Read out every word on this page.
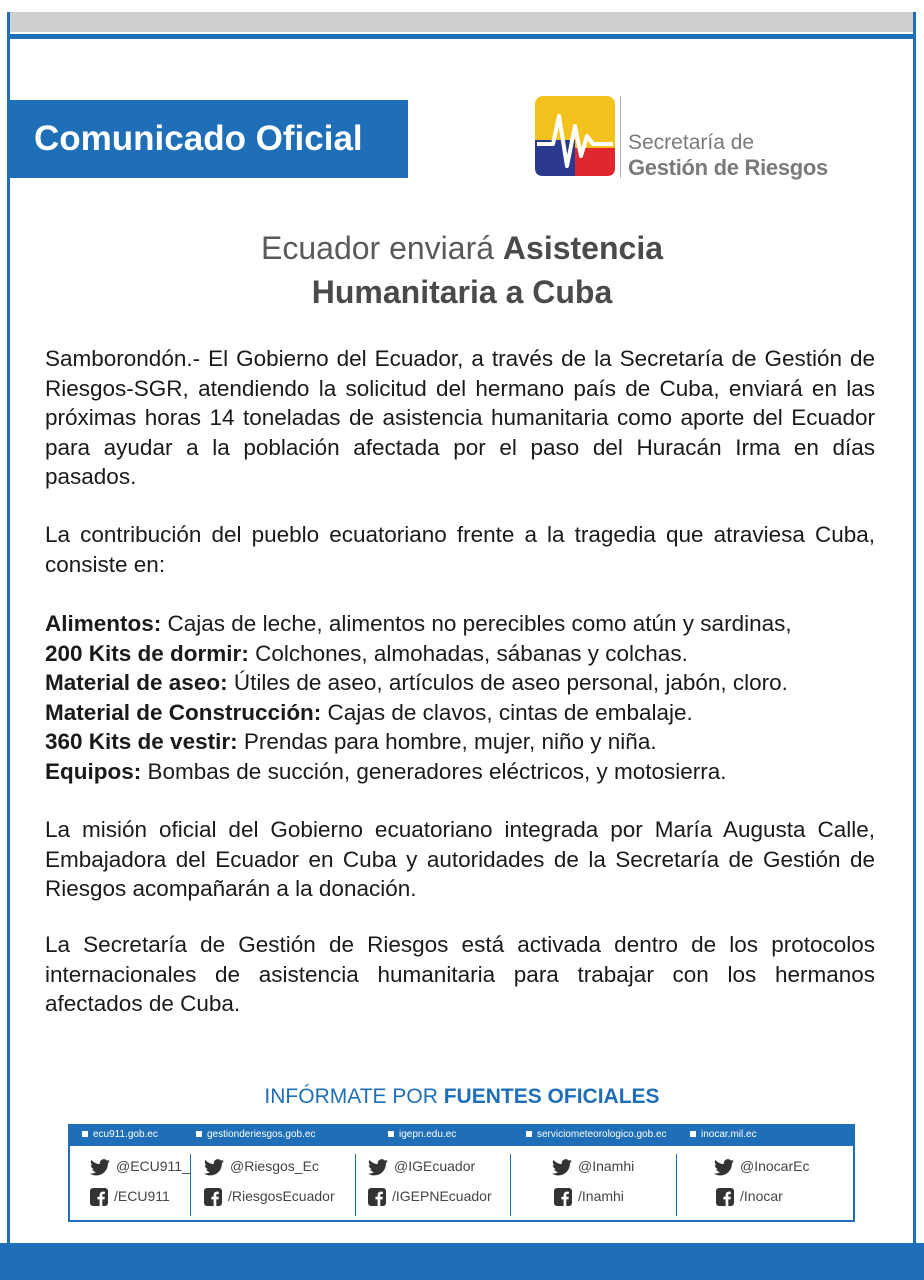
Comunicado Oficial	Secretaría de
Gestión de Riesgos
Ecuador enviará Asistencia
Humanitaria a Cuba
Samborondón.- El Gobierno del Ecuador, a través de la Secretaría de Gestión de Riesgos-SGR, atendiendo la solicitud del hermano país de Cuba, enviará en las próximas horas 14 toneladas de asistencia humanitaria como aporte del Ecuador para ayudar a la población afectada por el paso del Huracán Irma en días pasados.
La contribución del pueblo ecuatoriano frente a la tragedia que atraviesa Cuba, consiste en:
Alimentos: Cajas de leche, alimentos no perecibles como atún y sardinas,
200 Kits de dormir: Colchones, almohadas, sábanas y colchas.
Material de aseo: Útiles de aseo, artículos de aseo personal, jabón, cloro.
Material de Construcción: Cajas de clavos, cintas de embalaje.
360 Kits de vestir: Prendas para hombre, mujer, niño y niña.
Equipos: Bombas de succión, generadores eléctricos, y motosierra.
La misión oficial del Gobierno ecuatoriano integrada por María Augusta Calle, Embajadora del Ecuador en Cuba y autoridades de la Secretaría de Gestión de Riesgos acompañarán a la donación.
La Secretaría de Gestión de Riesgos está activada dentro de los protocolos internacionales de asistencia humanitaria para trabajar con los hermanos afectados de Cuba.
INFÓRMATE POR FUENTES OFICIALES
ecu911.gob.ec	gestionderiesgos.gob.ec	igepn.edu.ec	serviciometeorologico.gob.ec	inocar.mil.ec
@ECU911_	@Riesgos_Ec	@IGEcuador	@Inamhi	@InocarEc
/ECU911	/RiesgosEcuador	/IGEPNEcuador	/Inamhi	/Inocar
